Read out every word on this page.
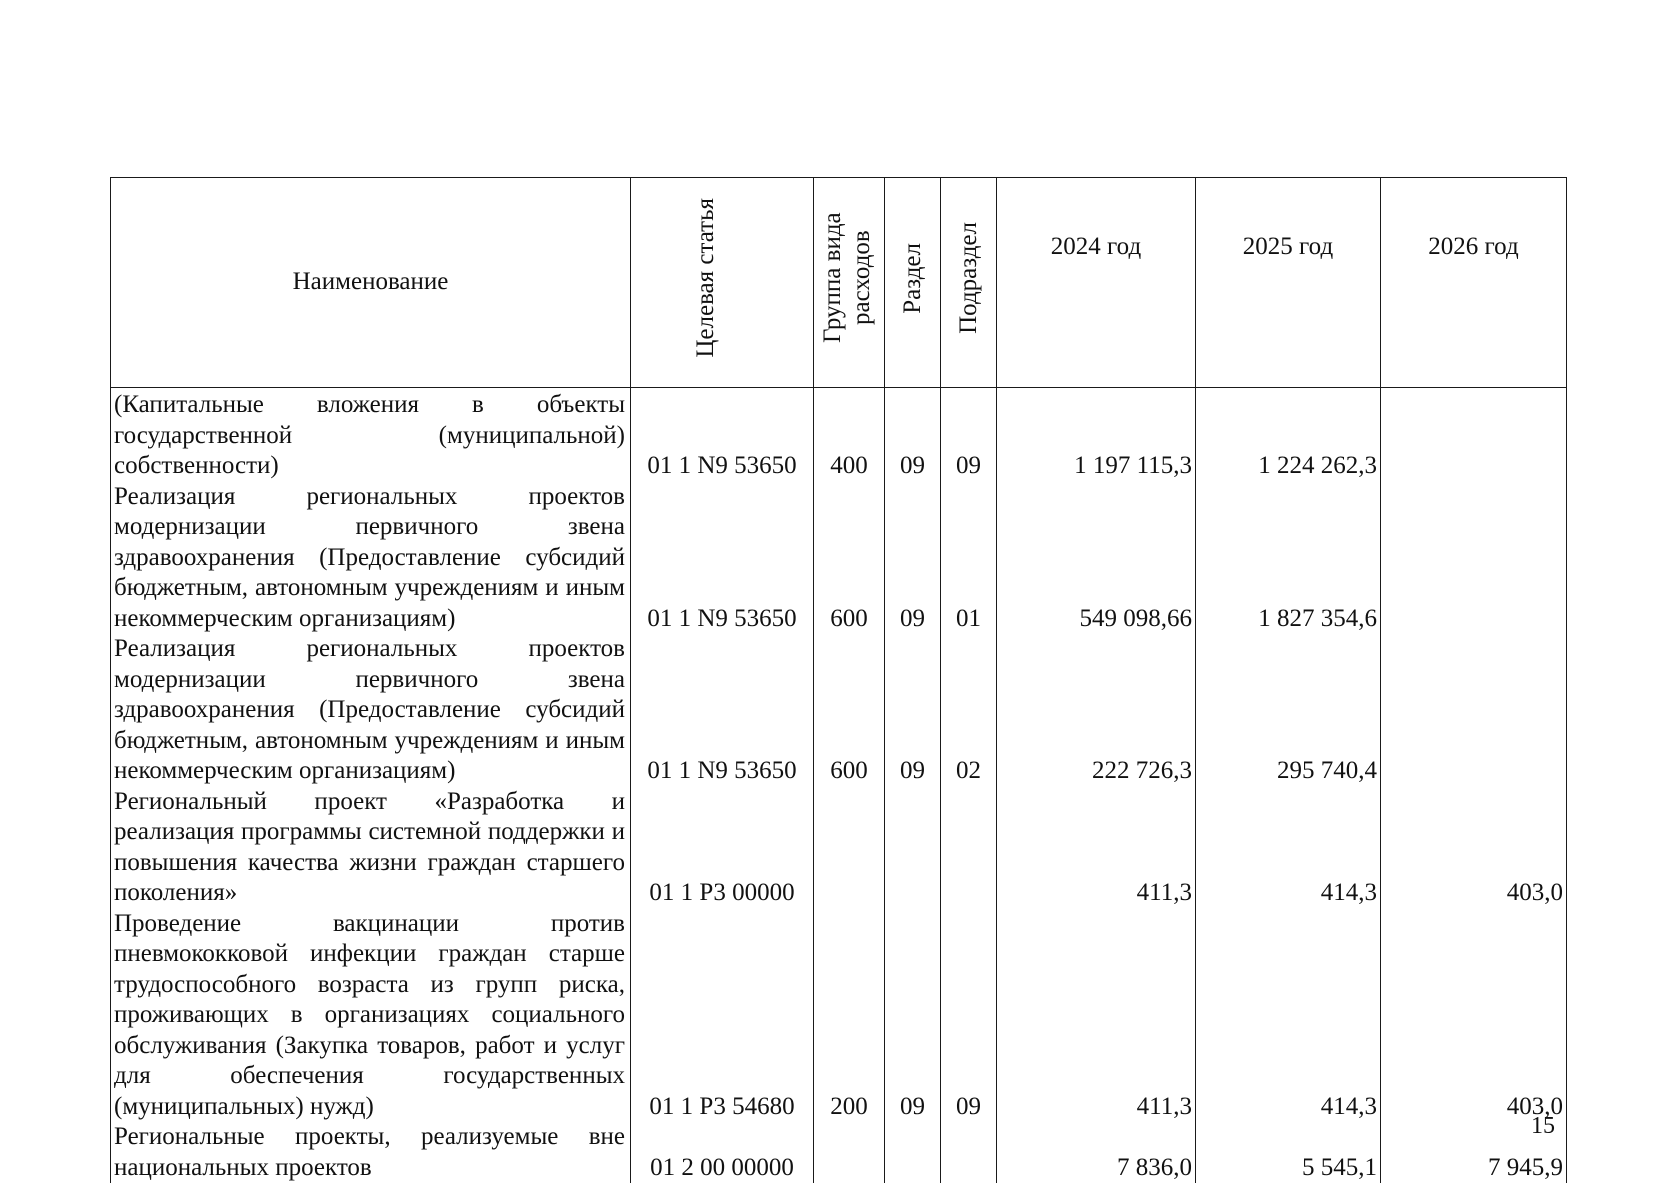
Наименование	Целевая статья	Группа вида расходов	Раздел	Подраздел	2024 год	2025 год	2026 год
(Капитальные вложения в объекты государственной (муниципальной) собственности)	01 1 N9 53650	400	09	09	1 197 115,3	1 224 262,3	
Реализация региональных проектов модернизации первичного звена здравоохранения (Предоставление субсидий бюджетным, автономным учреждениям и иным некоммерческим организациям)	01 1 N9 53650	600	09	01	549 098,66	1 827 354,6	
Реализация региональных проектов модернизации первичного звена здравоохранения (Предоставление субсидий бюджетным, автономным учреждениям и иным некоммерческим организациям)	01 1 N9 53650	600	09	02	222 726,3	295 740,4	
Региональный проект «Разработка и реализация программы системной поддержки и повышения качества жизни граждан старшего поколения»	01 1 P3 00000				411,3	414,3	403,0
Проведение вакцинации против пневмококковой инфекции граждан старше трудоспособного возраста из групп риска, проживающих в организациях социального обслуживания (Закупка товаров, работ и услуг для обеспечения государственных (муниципальных) нужд)	01 1 P3 54680	200	09	09	411,3	414,3	403,0
Региональные проекты, реализуемые вне национальных проектов	01 2 00 00000				7 836,0	5 545,1	7 945,9
15
